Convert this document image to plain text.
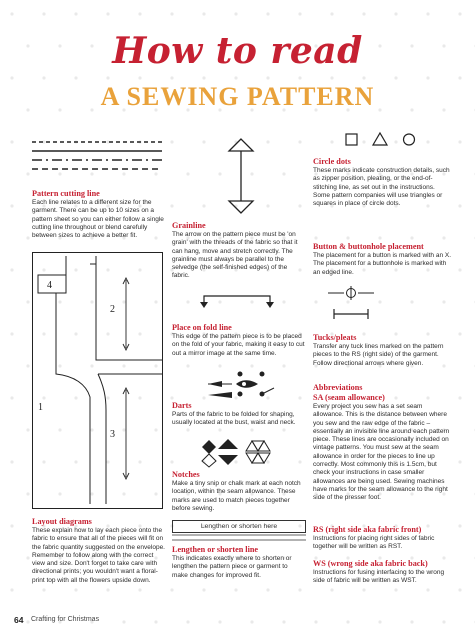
How to read
A SEWING PATTERN
Pattern cutting line
Each line relates to a different size for the garment. There can be up to 10 sizes on a pattern sheet so you can either follow a single cutting line throughout or blend carefully between sizes to achieve a better fit.
4
2
1
3
Layout diagrams
These explain how to lay each piece onto the fabric to ensure that all of the pieces will fit on the fabric quantity suggested on the envelope. Remember to follow along with the correct view and size. Don't forget to take care with directional prints; you wouldn't want a floral-print top with all the flowers upside down.
Grainline
The arrow on the pattern piece must be 'on grain' with the threads of the fabric so that it can hang, move and stretch correctly. The grainline must always be parallel to the selvedge (the self-finished edges) of the fabric.
Place on fold line
This edge of the pattern piece is to be placed on the fold of your fabric, making it easy to cut out a mirror image at the same time.
Darts
Parts of the fabric to be folded for shaping, usually located at the bust, waist and neck.
Notches
Make a tiny snip or chalk mark at each notch location, within the seam allowance. These marks are used to match pieces together before sewing.
Lengthen or shorten here
Lengthen or shorten line
This indicates exactly where to shorten or lengthen the pattern piece or garment to make changes for improved fit.
Circle dots
These marks indicate construction details, such as zipper position, pleating, or the end-of-stitching line, as set out in the instructions. Some pattern companies will use triangles or squares in place of circle dots.
Button & buttonhole placement
The placement for a button is marked with an X. The placement for a buttonhole is marked with an edged line.
Tucks/pleats
Transfer any tuck lines marked on the pattern pieces to the RS (right side) of the garment. Follow directional arrows where given.
Abbreviations
SA (seam allowance)
Every project you sew has a set seam allowance. This is the distance between where you sew and the raw edge of the fabric – essentially an invisible line around each pattern piece. These lines are occasionally included on vintage patterns. You must sew at the seam allowance in order for the pieces to line up correctly. Most commonly this is 1.5cm, but check your instructions in case smaller allowances are being used. Sewing machines have marks for the seam allowance to the right side of the presser foot.
RS (right side aka fabric front)
Instructions for placing right sides of fabric together will be written as RST.
WS (wrong side aka fabric back)
Instructions for fusing interfacing to the wrong side of fabric will be written as WST.
64 Crafting for Christmas
